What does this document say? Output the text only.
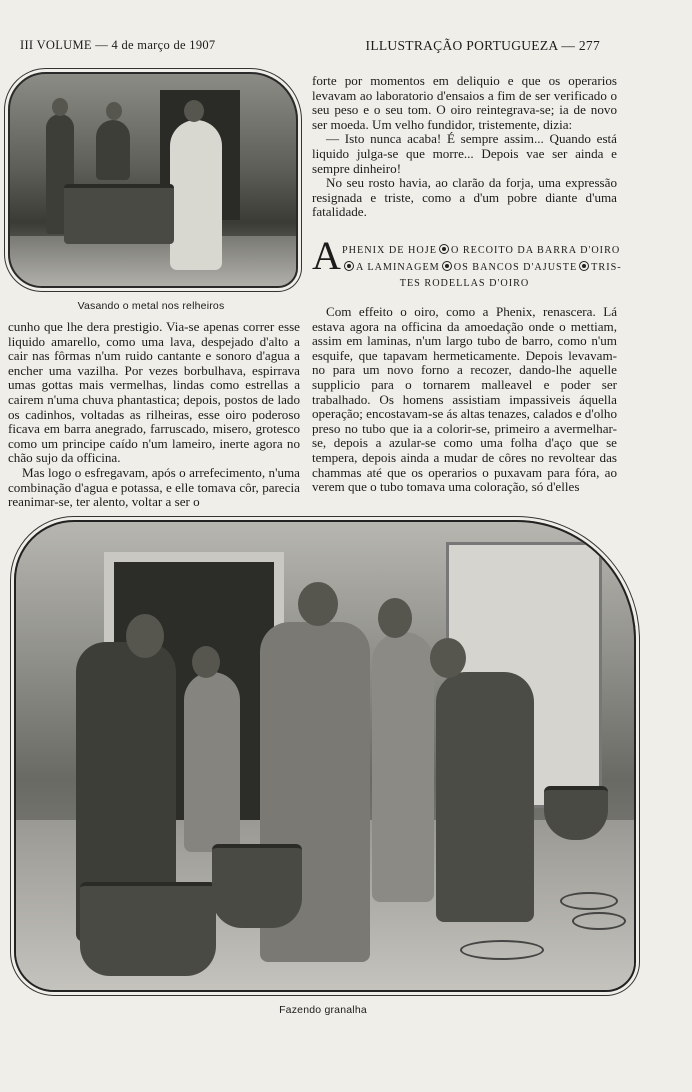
III VOLUME — 4 de março de 1907	ILLUSTRAÇÃO PORTUGUEZA — 277
Vasando o metal nos relheiros

cunho que lhe dera prestigio. Via-se apenas correr esse liquido amarello, como uma lava, despejado d'alto a cair nas fôrmas n'um ruido cantante e sonoro d'agua a encher uma vazilha. Por vezes borbulhava, espirrava umas gottas mais vermelhas, lindas como estrellas a cairem n'uma chuva phantastica; depois, postos de lado os cadinhos, voltadas as rilheiras, esse oiro poderoso ficava em barra anegrado, farruscado, misero, grotesco como um principe caído n'um lameiro, inerte agora no chão sujo da officina.

Mas logo o esfregavam, após o arrefecimento, n'uma combinação d'agua e potassa, e elle tomava côr, parecia reanimar-se, ter alento, voltar a ser o

forte por momentos em deliquio e que os operarios levavam ao laboratorio d'ensaios a fim de ser verificado o seu peso e o seu tom. O oiro reintegrava-se; ia de novo ser moeda. Um velho fundidor, tristemente, dizia:

— Isto nunca acaba! É sempre assim... Quando está liquido julga-se que morre... Depois vae ser ainda e sempre dinheiro!

No seu rosto havia, ao clarão da forja, uma expressão resignada e triste, como a d'um pobre diante d'uma fatalidade.

A PHENIX DE HOJE O RECOITO DA BARRA D'OIRO
A LAMINAGEM OS BANCOS D'AJUSTE TRIS-
TES RODELLAS D'OIRO

Com effeito o oiro, como a Phenix, renascera. Lá estava agora na officina da amoedação onde o mettiam, assim em laminas, n'um largo tubo de barro, como n'um esquife, que tapavam hermeticamente. Depois levavam-no para um novo forno a recozer, dando-lhe aquelle supplicio para o tornarem malleavel e poder ser trabalhado. Os homens assistiam impassiveis áquella operação; encostavam-se ás altas tenazes, calados e d'olho preso no tubo que ia a colorir-se, primeiro a avermelhar-se, depois a azular-se como uma folha d'aço que se tempera, depois ainda a mudar de côres no revoltear das chammas até que os operarios o puxavam para fóra, ao verem que o tubo tomava uma coloração, só d'elles

Fazendo granalha
